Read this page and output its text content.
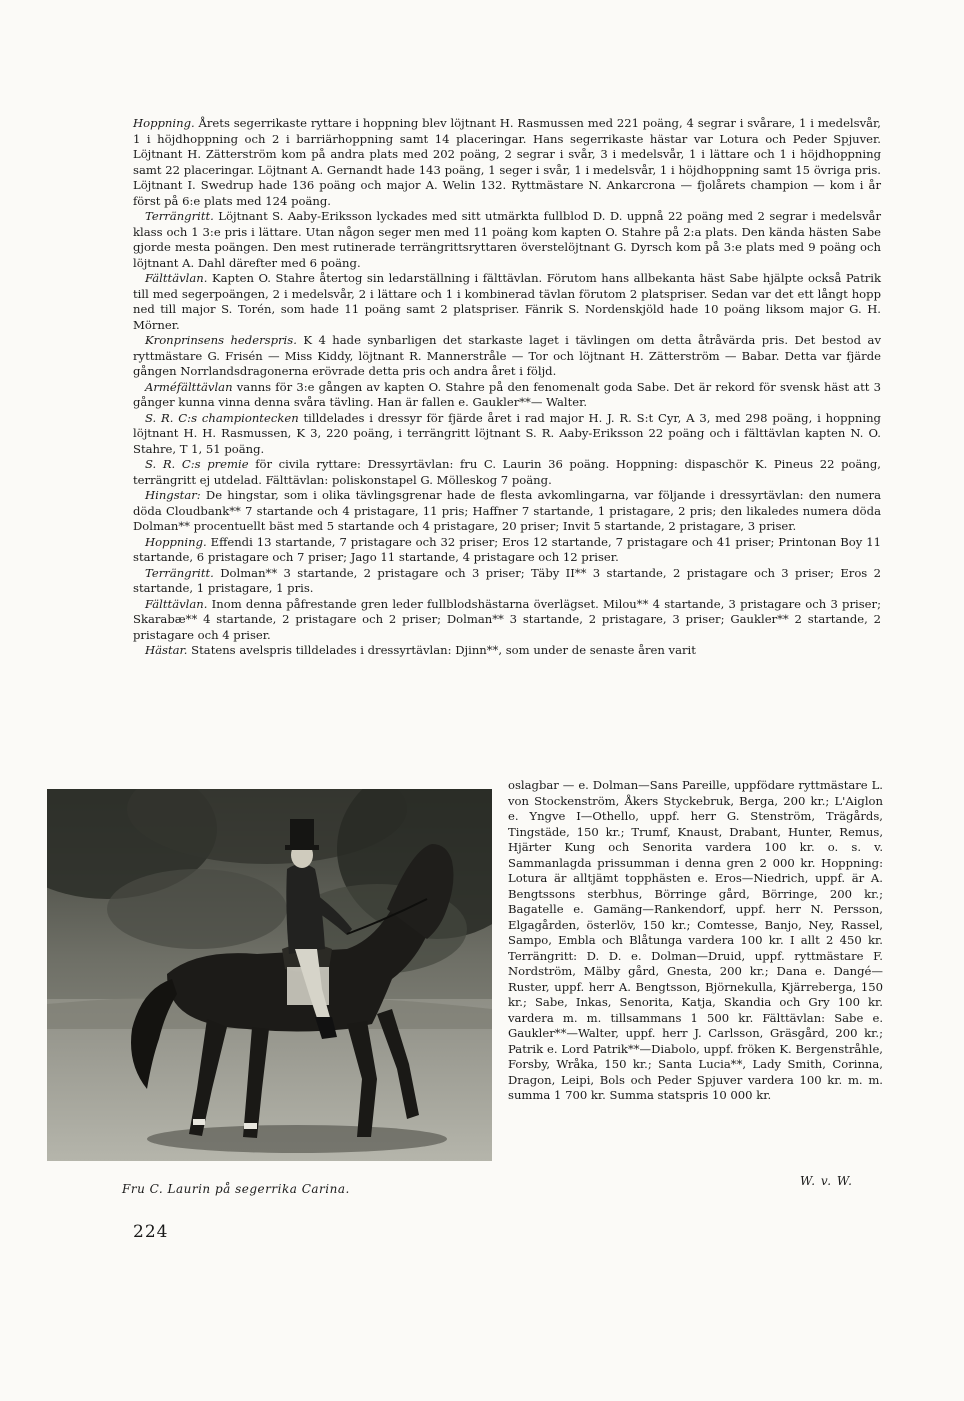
Hoppning. Årets segerrikaste ryttare i hoppning blev löjtnant H. Rasmussen med 221 poäng, 4 segrar i svårare, 1 i medelsvår, 1 i höjdhoppning och 2 i barriärhoppning samt 14 placeringar. Hans segerrikaste hästar var Lotura och Peder Spjuver. Löjtnant H. Zätterström kom på andra plats med 202 poäng, 2 segrar i svår, 3 i medelsvår, 1 i lättare och 1 i höjdhoppning samt 22 placeringar. Löjtnant A. Gernandt hade 143 poäng, 1 seger i svår, 1 i medelsvår, 1 i höjdhoppning samt 15 övriga pris. Löjtnant I. Swedrup hade 136 poäng och major A. Welin 132. Ryttmästare N. Ankarcrona — fjolårets champion — kom i år först på 6:e plats med 124 poäng.

Terrängritt. Löjtnant S. Aaby-Eriksson lyckades med sitt utmärkta fullblod D. D. uppnå 22 poäng med 2 segrar i medelsvår klass och 1 3:e pris i lättare. Utan någon seger men med 11 poäng kom kapten O. Stahre på 2:a plats. Den kända hästen Sabe gjorde mesta poängen. Den mest rutinerade terrängrittsryttaren överstelöjtnant G. Dyrsch kom på 3:e plats med 9 poäng och löjtnant A. Dahl därefter med 6 poäng.

Fälttävlan. Kapten O. Stahre återtog sin ledarställning i fälttävlan. Förutom hans allbekanta häst Sabe hjälpte också Patrik till med segerpoängen, 2 i medelsvår, 2 i lättare och 1 i kombinerad tävlan förutom 2 platspriser. Sedan var det ett långt hopp ned till major S. Torén, som hade 11 poäng samt 2 platspriser. Fänrik S. Nordenskjöld hade 10 poäng liksom major G. H. Mörner.

Kronprinsens hederspris. K 4 hade synbarligen det starkaste laget i tävlingen om detta åtråvärda pris. Det bestod av ryttmästare G. Frisén — Miss Kiddy, löjtnant R. Mannerstråle — Tor och löjtnant H. Zätterström — Babar. Detta var fjärde gången Norrlandsdragonerna erövrade detta pris och andra året i följd.

Arméfälttävlan vanns för 3:e gången av kapten O. Stahre på den fenomenalt goda Sabe. Det är rekord för svensk häst att 3 gånger kunna vinna denna svåra tävling. Han är fallen e. Gaukler**— Walter.

S. R. C:s championtecken tilldelades i dressyr för fjärde året i rad major H. J. R. S:t Cyr, A 3, med 298 poäng, i hoppning löjtnant H. H. Rasmussen, K 3, 220 poäng, i terrängritt löjtnant S. R. Aaby-Eriksson 22 poäng och i fälttävlan kapten N. O. Stahre, T 1, 51 poäng.

S. R. C:s premie för civila ryttare: Dressyrtävlan: fru C. Laurin 36 poäng. Hoppning: dispaschör K. Pineus 22 poäng, terrängritt ej utdelad. Fälttävlan: poliskonstapel G. Mölleskog 7 poäng.

Hingstar: De hingstar, som i olika tävlingsgrenar hade de flesta avkomlingarna, var följande i dressyrtävlan: den numera döda Cloudbank** 7 startande och 4 pristagare, 11 pris; Haffner 7 startande, 1 pristagare, 2 pris; den likaledes numera döda Dolman** procentuellt bäst med 5 startande och 4 pristagare, 20 priser; Invit 5 startande, 2 pristagare, 3 priser.

Hoppning. Effendi 13 startande, 7 pristagare och 32 priser; Eros 12 startande, 7 pristagare och 41 priser; Printonan Boy 11 startande, 6 pristagare och 7 priser; Jago 11 startande, 4 pristagare och 12 priser.

Terrängritt. Dolman** 3 startande, 2 pristagare och 3 priser; Täby II** 3 startande, 2 pristagare och 3 priser; Eros 2 startande, 1 pristagare, 1 pris.

Fälttävlan. Inom denna påfrestande gren leder fullblodshästarna överlägset. Milou** 4 startande, 3 pristagare och 3 priser; Skarabæ** 4 startande, 2 pristagare och 2 priser; Dolman** 3 startande, 2 pristagare, 3 priser; Gaukler** 2 startande, 2 pristagare och 4 priser.

Hästar. Statens avelspris tilldelades i dressyrtävlan: Djinn**, som under de senaste åren varit

oslagbar — e. Dolman—Sans Pareille, uppfödare ryttmästare L. von Stockenström, Åkers Styckebruk, Berga, 200 kr.; L'Aiglon e. Yngve I—Othello, uppf. herr G. Stenström, Trägårds, Tingstäde, 150 kr.; Trumf, Knaust, Drabant, Hunter, Remus, Hjärter Kung och Senorita vardera 100 kr. o. s. v. Sammanlagda prissumman i denna gren 2 000 kr. Hoppning: Lotura är alltjämt topphästen e. Eros—Niedrich, uppf. är A. Bengtssons sterbhus, Börringe gård, Börringe, 200 kr.; Bagatelle e. Gamäng—Rankendorf, uppf. herr N. Persson, Elgagården, österlöv, 150 kr.; Comtesse, Banjo, Ney, Rassel, Sampo, Embla och Blåtunga vardera 100 kr. I allt 2 450 kr. Terrängritt: D. D. e. Dolman—Druid, uppf. ryttmästare F. Nordström, Mälby gård, Gnesta, 200 kr.; Dana e. Dangé—Ruster, uppf. herr A. Bengtsson, Björnekulla, Kjärreberga, 150 kr.; Sabe, Inkas, Senorita, Katja, Skandia och Gry 100 kr. vardera m. m. tillsammans 1 500 kr. Fälttävlan: Sabe e. Gaukler**—Walter, uppf. herr J. Carlsson, Gräsgård, 200 kr.; Patrik e. Lord Patrik**—Diabolo, uppf. fröken K. Bergenstråhle, Forsby, Wråka, 150 kr.; Santa Lucia**, Lady Smith, Corinna, Dragon, Leipi, Bols och Peder Spjuver vardera 100 kr. m. m. summa 1 700 kr. Summa statspris 10 000 kr.
Fru C. Laurin på segerrika Carina.
W. v. W.
224
